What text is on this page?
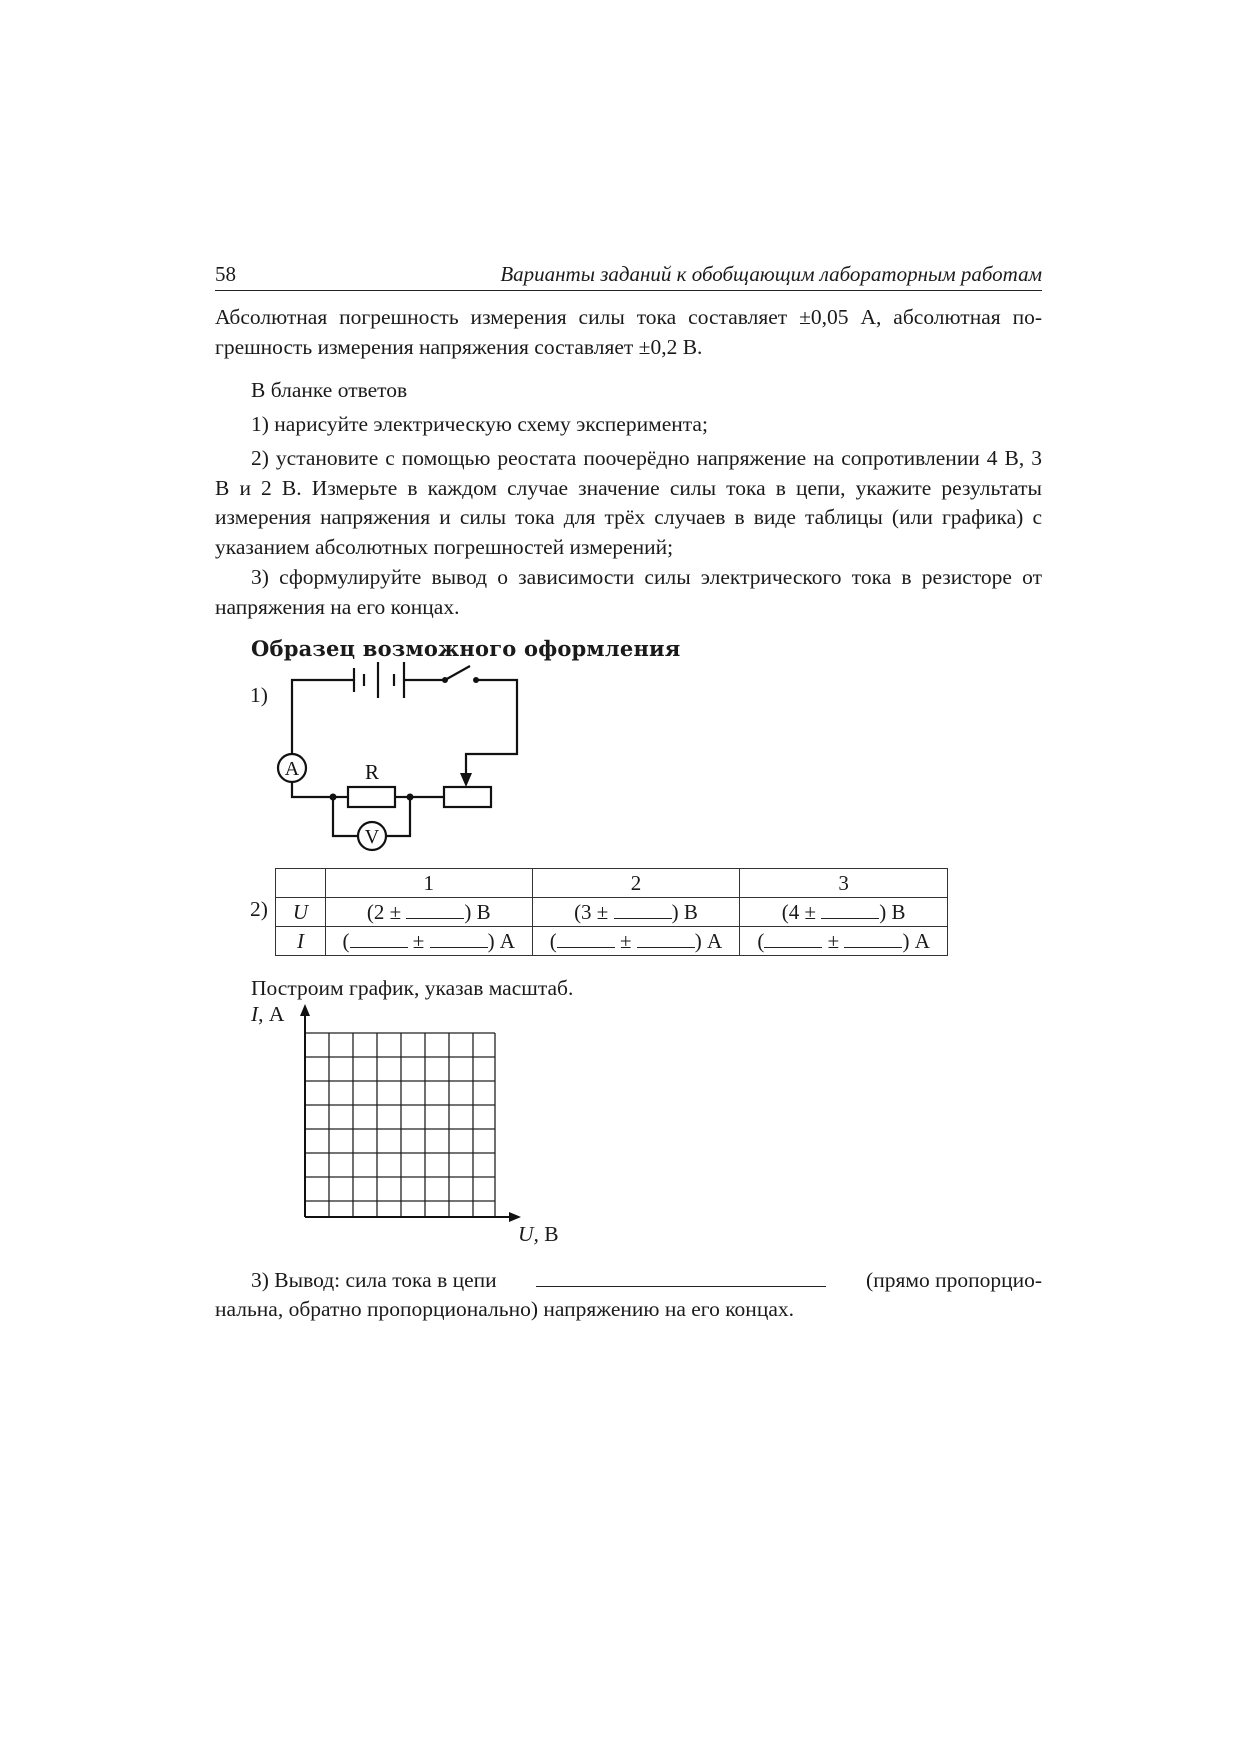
58	Варианты заданий к обобщающим лабораторным работам
Абсолютная погрешность измерения силы тока составляет ±0,05 А, абсолютная по-
грешность измерения напряжения составляет ±0,2 В.
В бланке ответов
1) нарисуйте электрическую схему эксперимента;
2) установите с помощью реостата поочерёдно напряжение на сопротивлении 4 В, 3 В и 2 В. Измерьте в каждом случае значение силы тока в цепи, укажите результаты измерения напряжения и силы тока для трёх случаев в виде таблицы (или графика) с указанием абсолютных погрешностей измерений;
3) сформулируйте вывод о зависимости силы электрического тока в резисторе от напряжения на его концах.
Образец возможного оформления
1)
A
V
R
2)
	1	2	3
U	(2 ± ) В	(3 ± ) В	(4 ± ) В
I	( ± ) А	( ± ) А	( ± ) А
Построим график, указав масштаб.
I, А
U, В
3) Вывод: сила тока в цепи	(прямо пропорцио-
нальна, обратно пропорционально) напряжению на его концах.
